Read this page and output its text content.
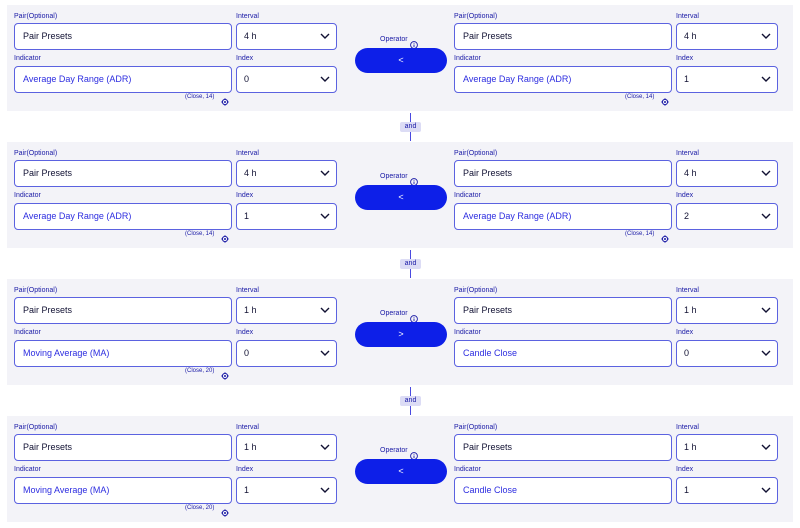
Pair(Optional)
Pair Presets
Interval
4 h
Indicator
Average Day Range (ADR)
Index
0
(Close, 14)
Operator
<
Pair(Optional)
Pair Presets
Interval
4 h
Indicator
Average Day Range (ADR)
Index
1
(Close, 14)
and
Pair(Optional)
Pair Presets
Interval
4 h
Indicator
Average Day Range (ADR)
Index
1
(Close, 14)
Operator
<
Pair(Optional)
Pair Presets
Interval
4 h
Indicator
Average Day Range (ADR)
Index
2
(Close, 14)
and
Pair(Optional)
Pair Presets
Interval
1 h
Indicator
Moving Average (MA)
Index
0
(Close, 20)
Operator
>
Pair(Optional)
Pair Presets
Interval
1 h
Indicator
Candle Close
Index
0
and
Pair(Optional)
Pair Presets
Interval
1 h
Indicator
Moving Average (MA)
Index
1
(Close, 20)
Operator
<
Pair(Optional)
Pair Presets
Interval
1 h
Indicator
Candle Close
Index
1
